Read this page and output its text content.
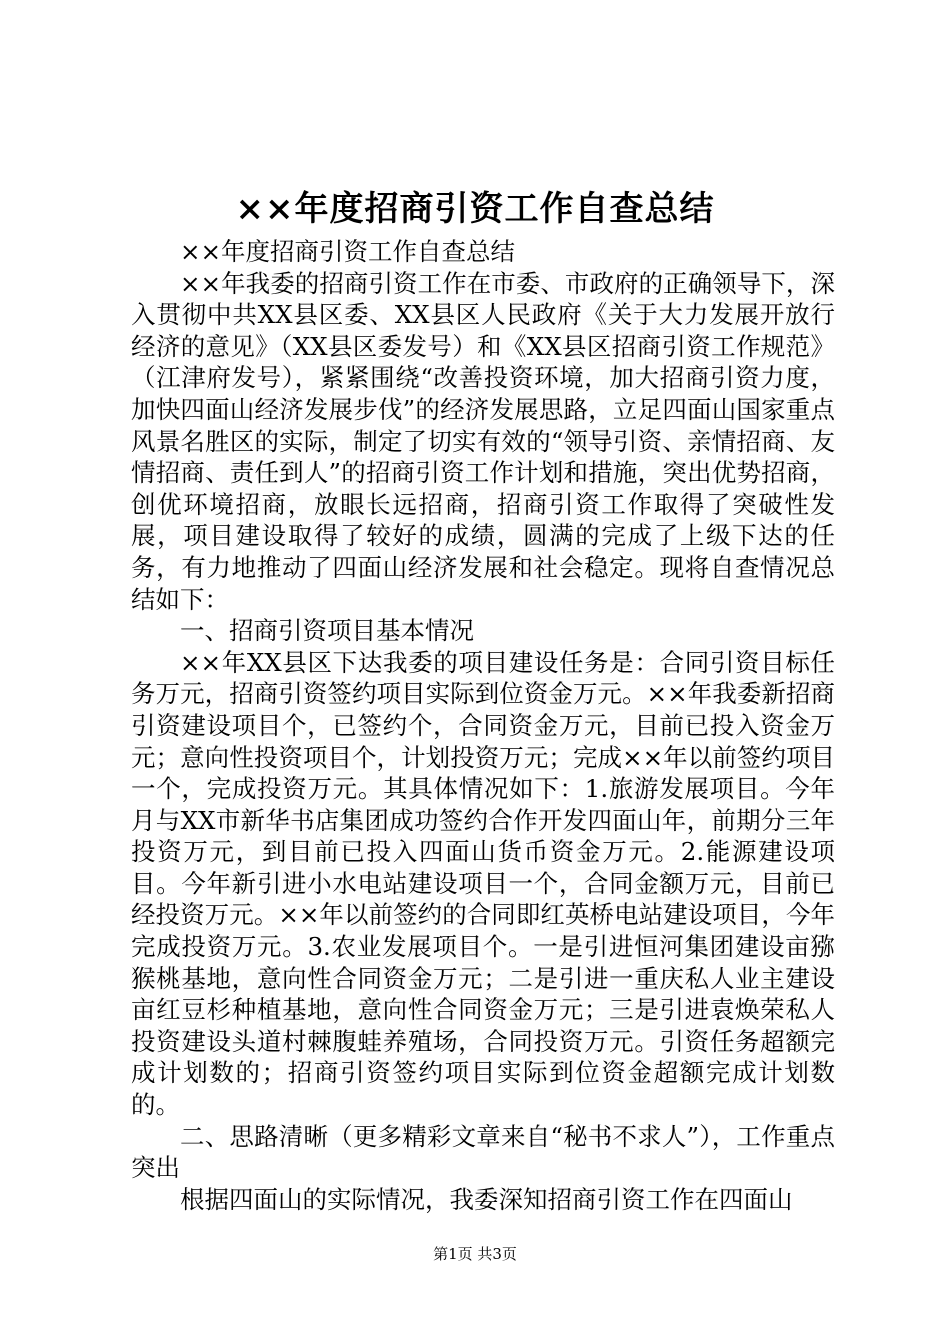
××年度招商引资工作自查总结

××年度招商引资工作自查总结

××年我委的招商引资工作在市委、市政府的正确领导下，深入贯彻中共XX县区委、XX县区人民政府《关于大力发展开放行经济的意见》（XX县区委发号）和《XX县区招商引资工作规范》（江津府发号），紧紧围绕“改善投资环境，加大招商引资力度，加快四面山经济发展步伐”的经济发展思路，立足四面山国家重点风景名胜区的实际，制定了切实有效的“领导引资、亲情招商、友情招商、责任到人”的招商引资工作计划和措施，突出优势招商，创优环境招商，放眼长远招商，招商引资工作取得了突破性发展，项目建设取得了较好的成绩，圆满的完成了上级下达的任务，有力地推动了四面山经济发展和社会稳定。现将自查情况总结如下：

一、招商引资项目基本情况

××年XX县区下达我委的项目建设任务是：合同引资目标任务万元，招商引资签约项目实际到位资金万元。××年我委新招商引资建设项目个，已签约个，合同资金万元，目前已投入资金万元；意向性投资项目个，计划投资万元；完成××年以前签约项目一个，完成投资万元。其具体情况如下：1.旅游发展项目。今年月与XX市新华书店集团成功签约合作开发四面山年，前期分三年投资万元，到目前已投入四面山货币资金万元。2.能源建设项目。今年新引进小水电站建设项目一个，合同金额万元，目前已经投资万元。××年以前签约的合同即红英桥电站建设项目，今年完成投资万元。3.农业发展项目个。一是引进恒河集团建设亩猕猴桃基地，意向性合同资金万元；二是引进一重庆私人业主建设亩红豆杉种植基地，意向性合同资金万元；三是引进袁焕荣私人投资建设头道村棘腹蛙养殖场，合同投资万元。引资任务超额完成计划数的；招商引资签约项目实际到位资金超额完成计划数的。

二、思路清晰（更多精彩文章来自“秘书不求人”），工作重点突出

根据四面山的实际情况，我委深知招商引资工作在四面山

第1页 共3页
